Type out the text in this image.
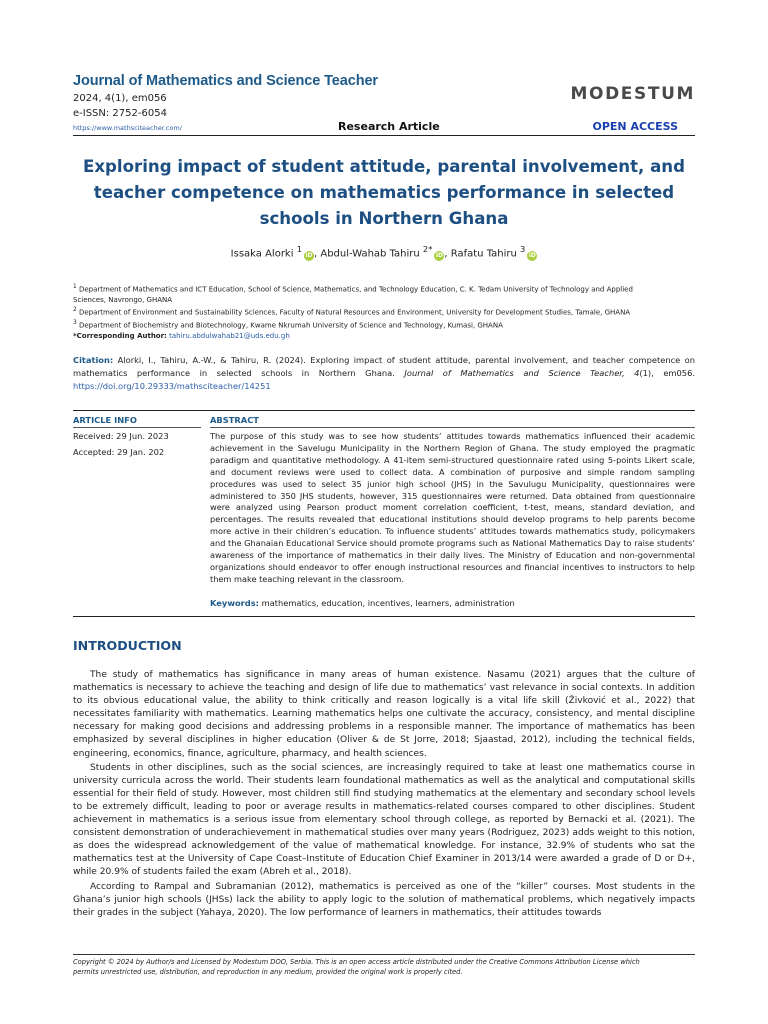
Journal of Mathematics and Science Teacher
2024, 4(1), em056
e-ISSN: 2752-6054
https://www.mathsciteacher.com/
MODESTUM
Research Article	OPEN ACCESS
Exploring impact of student attitude, parental involvement, and
teacher competence on mathematics performance in selected
schools in Northern Ghana
Issaka Alorki $^1$iD, Abdul-Wahab Tahiru $^{2*}$iD, Rafatu Tahiru $^3$iD
$^1$ Department of Mathematics and ICT Education, School of Science, Mathematics, and Technology Education, C. K. Tedam University of Technology and Applied
Sciences, Navrongo, GHANA
$^2$ Department of Environment and Sustainability Sciences, Faculty of Natural Resources and Environment, University for Development Studies, Tamale, GHANA
$^3$ Department of Biochemistry and Biotechnology, Kwame Nkrumah University of Science and Technology, Kumasi, GHANA
*Corresponding Author: tahiru.abdulwahab21@uds.edu.gh
Citation: Alorki, I., Tahiru, A.-W., & Tahiru, R. (2024). Exploring impact of student attitude, parental involvement, and teacher competence on mathematics performance in selected schools in Northern Ghana. Journal of Mathematics and Science Teacher, 4(1), em056. https://doi.org/10.29333/mathsciteacher/14251
ARTICLE INFO	ABSTRACT
Received: 29 Jun. 2023
Accepted: 29 Jan. 202
The purpose of this study was to see how students’ attitudes towards mathematics influenced their academic achievement in the Savelugu Municipality in the Northern Region of Ghana. The study employed the pragmatic paradigm and quantitative methodology. A 41-item semi-structured questionnaire rated using 5-points Likert scale, and document reviews were used to collect data. A combination of purposive and simple random sampling procedures was used to select 35 junior high school (JHS) in the Savulugu Municipality, questionnaires were administered to 350 JHS students, however, 315 questionnaires were returned. Data obtained from questionnaire were analyzed using Pearson product moment correlation coefficient, t-test, means, standard deviation, and percentages. The results revealed that educational institutions should develop programs to help parents become more active in their children’s education. To influence students’ attitudes towards mathematics study, policymakers and the Ghanaian Educational Service should promote programs such as National Mathematics Day to raise students’ awareness of the importance of mathematics in their daily lives. The Ministry of Education and non-governmental organizations should endeavor to offer enough instructional resources and financial incentives to instructors to help them make teaching relevant in the classroom.
Keywords: mathematics, education, incentives, learners, administration
INTRODUCTION

The study of mathematics has significance in many areas of human existence. Nasamu (2021) argues that the culture of mathematics is necessary to achieve the teaching and design of life due to mathematics’ vast relevance in social contexts. In addition to its obvious educational value, the ability to think critically and reason logically is a vital life skill (Živković et al., 2022) that necessitates familiarity with mathematics. Learning mathematics helps one cultivate the accuracy, consistency, and mental discipline necessary for making good decisions and addressing problems in a responsible manner. The importance of mathematics has been emphasized by several disciplines in higher education (Oliver & de St Jorre, 2018; Sjaastad, 2012), including the technical fields, engineering, economics, finance, agriculture, pharmacy, and health sciences.

Students in other disciplines, such as the social sciences, are increasingly required to take at least one mathematics course in university curricula across the world. Their students learn foundational mathematics as well as the analytical and computational skills essential for their field of study. However, most children still find studying mathematics at the elementary and secondary school levels to be extremely difficult, leading to poor or average results in mathematics-related courses compared to other disciplines. Student achievement in mathematics is a serious issue from elementary school through college, as reported by Bernacki et al. (2021). The consistent demonstration of underachievement in mathematical studies over many years (Rodriguez, 2023) adds weight to this notion, as does the widespread acknowledgement of the value of mathematical knowledge. For instance, 32.9% of students who sat the mathematics test at the University of Cape Coast–Institute of Education Chief Examiner in 2013/14 were awarded a grade of D or D+, while 20.9% of students failed the exam (Abreh et al., 2018).

According to Rampal and Subramanian (2012), mathematics is perceived as one of the “killer” courses. Most students in the Ghana’s junior high schools (JHSs) lack the ability to apply logic to the solution of mathematical problems, which negatively impacts their grades in the subject (Yahaya, 2020). The low performance of learners in mathematics, their attitudes towards

Copyright © 2024 by Author/s and Licensed by Modestum DOO, Serbia. This is an open access article distributed under the Creative Commons Attribution License which
permits unrestricted use, distribution, and reproduction in any medium, provided the original work is properly cited.
